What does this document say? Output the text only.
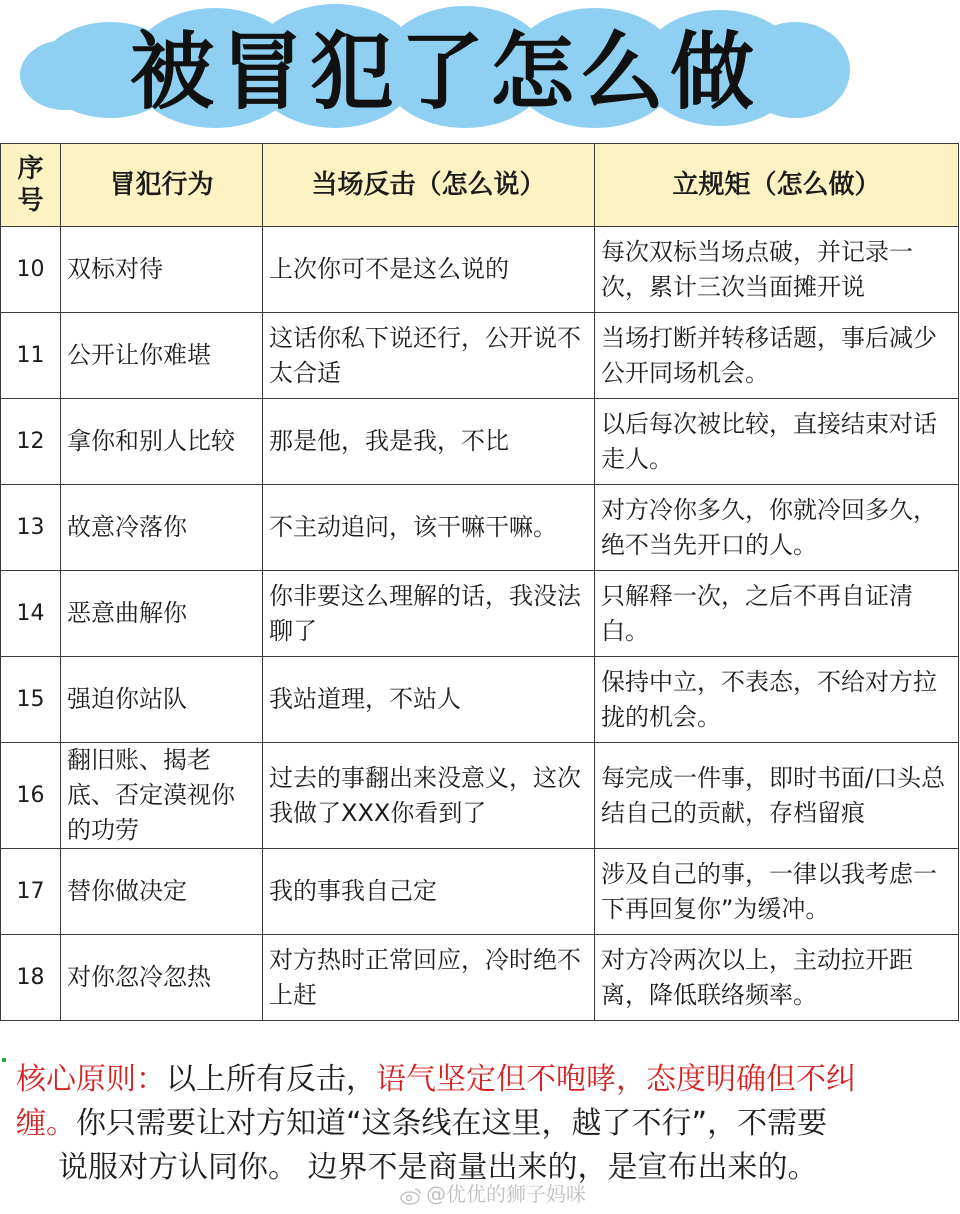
被冒犯了怎么做
序号	冒犯行为	当场反击（怎么说）	立规矩（怎么做）
10	双标对待	上次你可不是这么说的	每次双标当场点破，并记录一次，累计三次当面摊开说
11	公开让你难堪	这话你私下说还行，公开说不太合适	当场打断并转移话题，事后减少公开同场机会。
12	拿你和别人比较	那是他，我是我，不比	以后每次被比较，直接结束对话走人。
13	故意冷落你	不主动追问，该干嘛干嘛。	对方冷你多久，你就冷回多久，绝不当先开口的人。
14	恶意曲解你	你非要这么理解的话，我没法聊了	只解释一次，之后不再自证清白。
15	强迫你站队	我站道理，不站人	保持中立，不表态，不给对方拉拢的机会。
16	翻旧账、揭老底、否定漠视你的功劳	过去的事翻出来没意义，这次我做了XXX你看到了	每完成一件事，即时书面/口头总结自己的贡献，存档留痕
17	替你做决定	我的事我自己定	涉及自己的事，一律以我考虑一下再回复你”为缓冲。
18	对你忽冷忽热	对方热时正常回应，冷时绝不上赶	对方冷两次以上，主动拉开距离，降低联络频率。

核心原则：以上所有反击，语气坚定但不咆哮，态度明确但不纠

缠。你只需要让对方知道“这条线在这里，越了不行”，不需要

说服对方认同你。 边界不是商量出来的，是宣布出来的。

@优优的狮子妈咪
